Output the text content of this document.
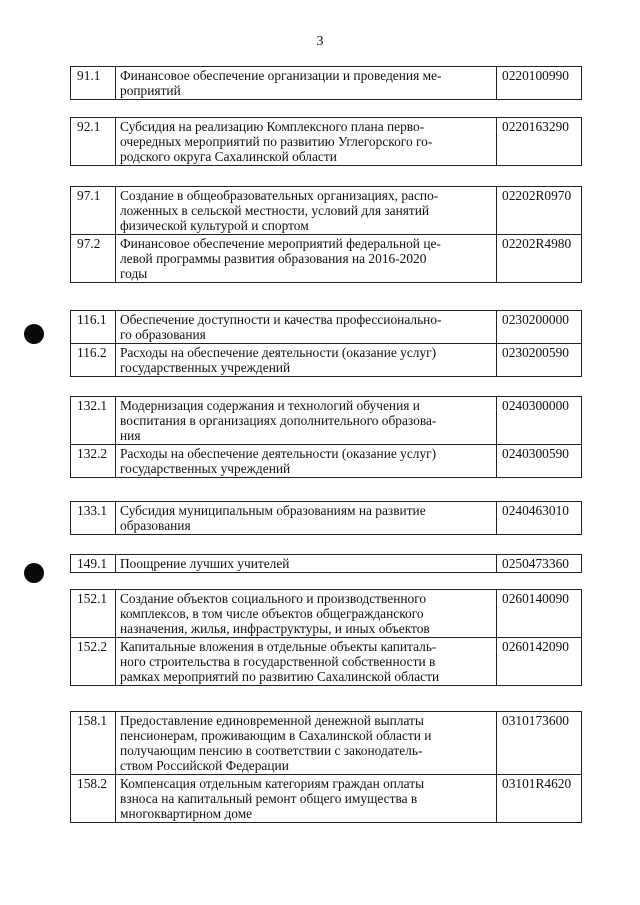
3
91.1	Финансовое обеспечение организации и проведения ме-
роприятий	0220100990
92.1	Субсидия на реализацию Комплексного плана перво-
очередных мероприятий по развитию Углегорского го-
родского округа Сахалинской области	0220163290
97.1	Создание в общеобразовательных организациях, распо-
ложенных в сельской местности, условий для занятий
физической культурой и спортом	02202R0970
97.2	Финансовое обеспечение мероприятий федеральной це-
левой программы развития образования на 2016-2020
годы	02202R4980
116.1	Обеспечение доступности и качества профессионально-
го образования	0230200000
116.2	Расходы на обеспечение деятельности (оказание услуг)
государственных учреждений	0230200590
132.1	Модернизация содержания и технологий обучения и
воспитания в организациях дополнительного образова-
ния	0240300000
132.2	Расходы на обеспечение деятельности (оказание услуг)
государственных учреждений	0240300590
133.1	Субсидия муниципальным образованиям на развитие
образования	0240463010
149.1	Поощрение лучших учителей	0250473360
152.1	Создание объектов социального и производственного
комплексов, в том числе объектов общегражданского
назначения, жилья, инфраструктуры, и иных объектов	0260140090
152.2	Капитальные вложения в отдельные объекты капиталь-
ного строительства в государственной собственности в
рамках мероприятий по развитию Сахалинской области	0260142090
158.1	Предоставление единовременной денежной выплаты
пенсионерам, проживающим в Сахалинской области и
получающим пенсию в соответствии с законодатель-
ством Российской Федерации	0310173600
158.2	Компенсация отдельным категориям граждан оплаты
взноса на капитальный ремонт общего имущества в
многоквартирном доме	03101R4620
